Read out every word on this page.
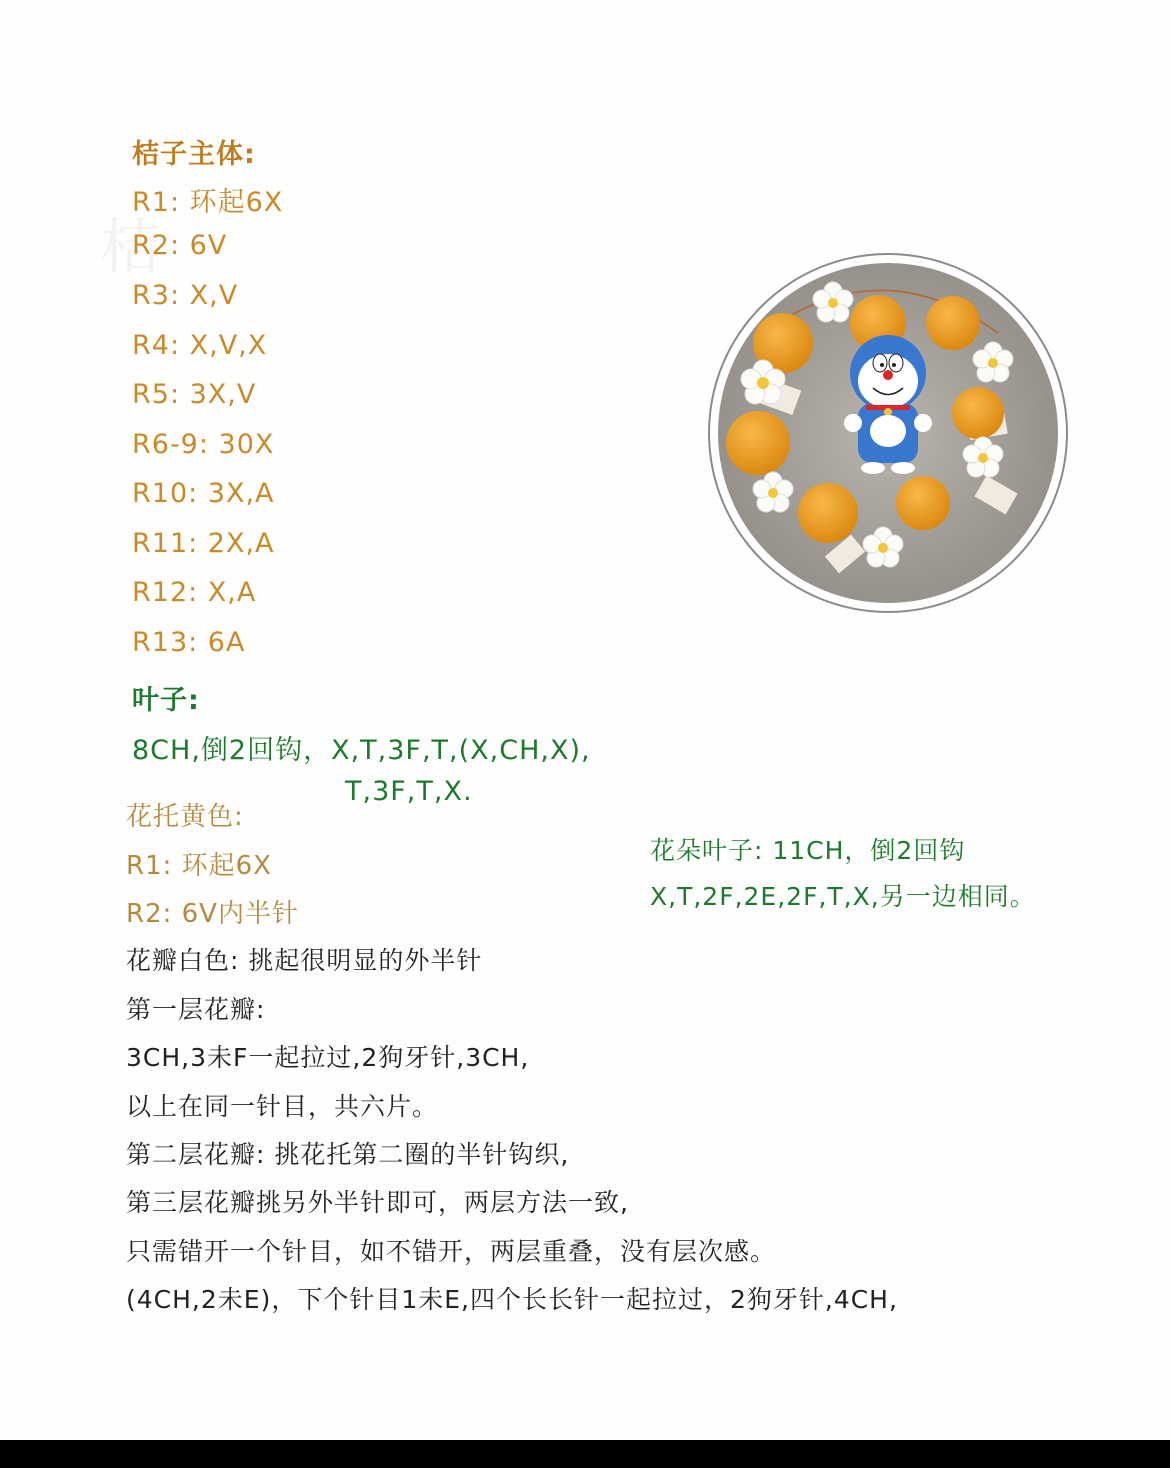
桔
桔子主体:
R1: 环起6X
R2: 6V
R3: X,V
R4: X,V,X
R5: 3X,V
R6-9: 30X
R10: 3X,A
R11: 2X,A
R12: X,A
R13: 6A
叶子:
8CH,倒2回钩，X,T,3F,T,(X,CH,X),
T,3F,T,X.
花托黄色:
R1: 环起6X
R2: 6V内半针
花朵叶子: 11CH，倒2回钩
X,T,2F,2E,2F,T,X,另一边相同。
花瓣白色: 挑起很明显的外半针
第一层花瓣:
3CH,3未F一起拉过,2狗牙针,3CH,
以上在同一针目，共六片。
第二层花瓣: 挑花托第二圈的半针钩织,
第三层花瓣挑另外半针即可，两层方法一致,
只需错开一个针目，如不错开，两层重叠，没有层次感。
(4CH,2未E)，下个针目1未E,四个长长针一起拉过，2狗牙针,4CH,
